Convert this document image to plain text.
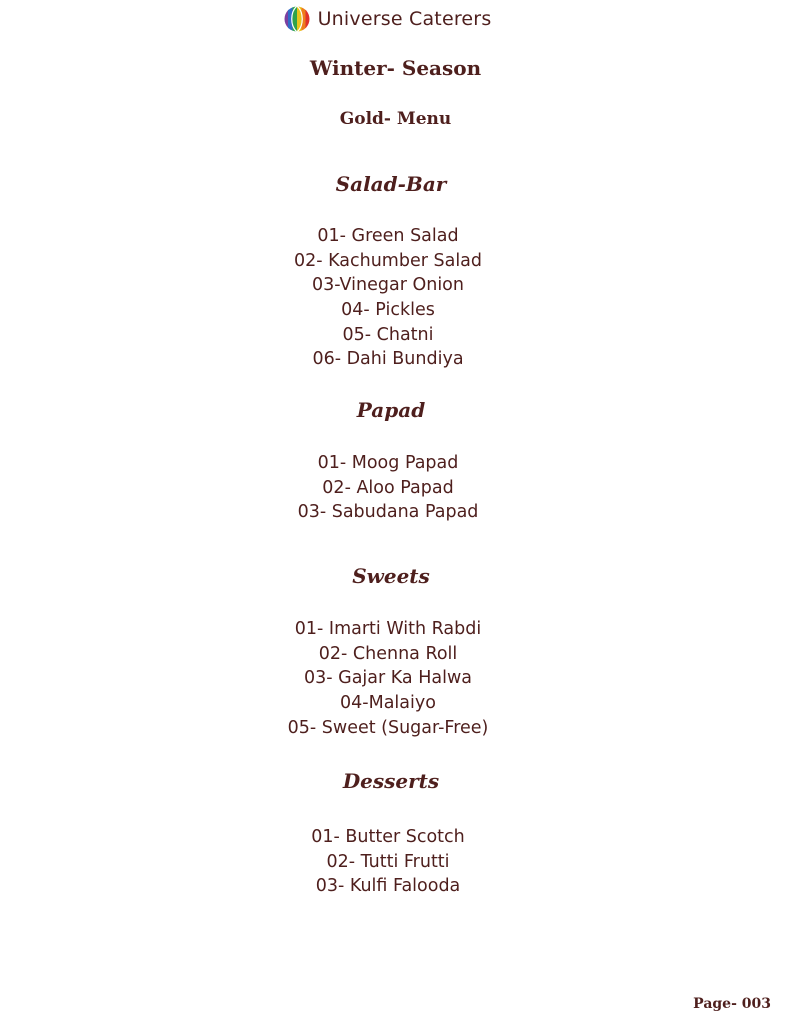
Universe Caterers
Winter- Season
Gold- Menu
Salad-Bar
01- Green Salad
02- Kachumber Salad
03-Vinegar Onion
04- Pickles
05- Chatni
06- Dahi Bundiya
Papad
01- Moog Papad
02- Aloo Papad
03- Sabudana Papad
Sweets
01- Imarti With Rabdi
02- Chenna Roll
03- Gajar Ka Halwa
04-Malaiyo
05- Sweet (Sugar-Free)
Desserts
01- Butter Scotch
02- Tutti Frutti
03- Kulfi Falooda
Page- 003
